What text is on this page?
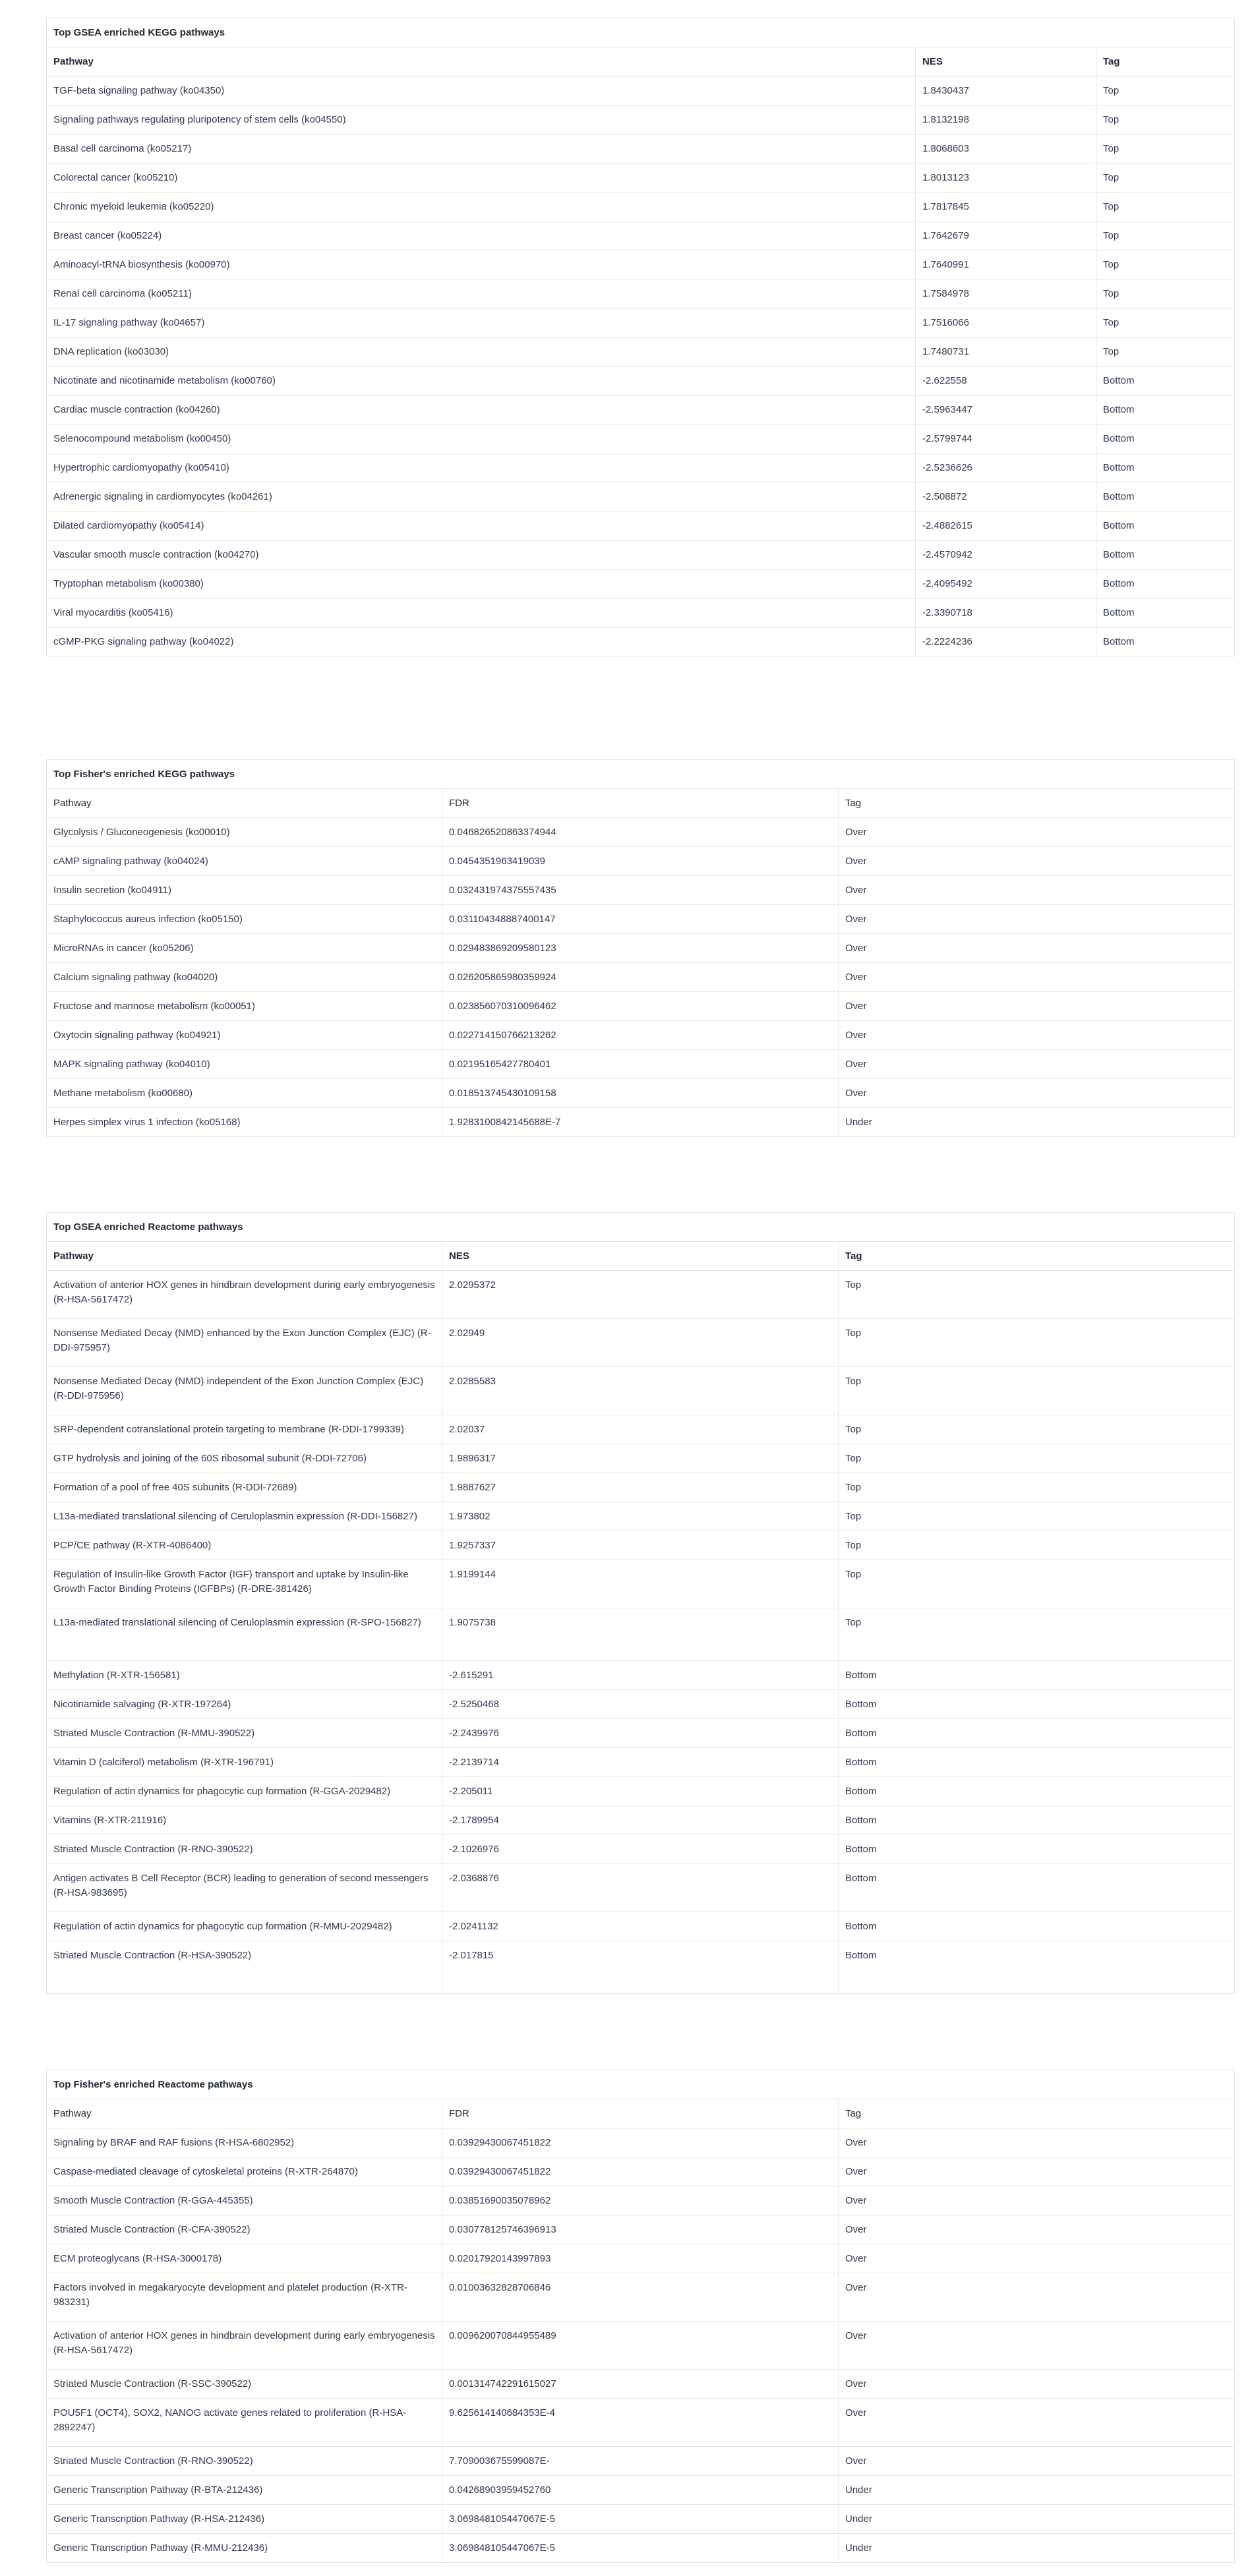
Top GSEA enriched KEGG pathways		
Pathway	NES	Tag
TGF-beta signaling pathway (ko04350)	1.8430437	Top
Signaling pathways regulating pluripotency of stem cells (ko04550)	1.8132198	Top
Basal cell carcinoma (ko05217)	1.8068603	Top
Colorectal cancer (ko05210)	1.8013123	Top
Chronic myeloid leukemia (ko05220)	1.7817845	Top
Breast cancer (ko05224)	1.7642679	Top
Aminoacyl-tRNA biosynthesis (ko00970)	1.7640991	Top
Renal cell carcinoma (ko05211)	1.7584978	Top
IL-17 signaling pathway (ko04657)	1.7516066	Top
DNA replication (ko03030)	1.7480731	Top
Nicotinate and nicotinamide metabolism (ko00760)	-2.622558	Bottom
Cardiac muscle contraction (ko04260)	-2.5963447	Bottom
Selenocompound metabolism (ko00450)	-2.5799744	Bottom
Hypertrophic cardiomyopathy (ko05410)	-2.5236626	Bottom
Adrenergic signaling in cardiomyocytes (ko04261)	-2.508872	Bottom
Dilated cardiomyopathy (ko05414)	-2.4882615	Bottom
Vascular smooth muscle contraction (ko04270)	-2.4570942	Bottom
Tryptophan metabolism (ko00380)	-2.4095492	Bottom
Viral myocarditis (ko05416)	-2.3390718	Bottom
cGMP-PKG signaling pathway (ko04022)	-2.2224236	Bottom
Top Fisher's enriched KEGG pathways		
Pathway	FDR	Tag
Glycolysis / Gluconeogenesis (ko00010)	0.046826520863374944	Over
cAMP signaling pathway (ko04024)	0.0454351963419039	Over
Insulin secretion (ko04911)	0.032431974375557435	Over
Staphylococcus aureus infection (ko05150)	0.031104348887400147	Over
MicroRNAs in cancer (ko05206)	0.029483869209580123	Over
Calcium signaling pathway (ko04020)	0.026205865980359924	Over
Fructose and mannose metabolism (ko00051)	0.023856070310096462	Over
Oxytocin signaling pathway (ko04921)	0.022714150766213262	Over
MAPK signaling pathway (ko04010)	0.02195165427780401	Over
Methane metabolism (ko00680)	0.018513745430109158	Over
Herpes simplex virus 1 infection (ko05168)	1.9283100842145688E-7	Under
Top GSEA enriched Reactome pathways		
Pathway	NES	Tag
Activation of anterior HOX genes in hindbrain development during early embryogenesis (R-HSA-5617472)	2.0295372	Top
Nonsense Mediated Decay (NMD) enhanced by the Exon Junction Complex (EJC) (R-DDI-975957)	2.02949	Top
Nonsense Mediated Decay (NMD) independent of the Exon Junction Complex (EJC) (R-DDI-975956)	2.0285583	Top
SRP-dependent cotranslational protein targeting to membrane (R-DDI-1799339)	2.02037	Top
GTP hydrolysis and joining of the 60S ribosomal subunit (R-DDI-72706)	1.9896317	Top
Formation of a pool of free 40S subunits (R-DDI-72689)	1.9887627	Top
L13a-mediated translational silencing of Ceruloplasmin expression (R-DDI-156827)	1.973802	Top
PCP/CE pathway (R-XTR-4086400)	1.9257337	Top
Regulation of Insulin-like Growth Factor (IGF) transport and uptake by Insulin-like Growth Factor Binding Proteins (IGFBPs) (R-DRE-381426)	1.9199144	Top
L13a-mediated translational silencing of Ceruloplasmin expression (R-SPO-156827)	1.9075738	Top
Methylation (R-XTR-156581)	-2.615291	Bottom
Nicotinamide salvaging (R-XTR-197264)	-2.5250468	Bottom
Striated Muscle Contraction (R-MMU-390522)	-2.2439976	Bottom
Vitamin D (calciferol) metabolism (R-XTR-196791)	-2.2139714	Bottom
Regulation of actin dynamics for phagocytic cup formation (R-GGA-2029482)	-2.205011	Bottom
Vitamins (R-XTR-211916)	-2.1789954	Bottom
Striated Muscle Contraction (R-RNO-390522)	-2.1026976	Bottom
Antigen activates B Cell Receptor (BCR) leading to generation of second messengers (R-HSA-983695)	-2.0368876	Bottom
Regulation of actin dynamics for phagocytic cup formation (R-MMU-2029482)	-2.0241132	Bottom
Striated Muscle Contraction (R-HSA-390522)	-2.017815	Bottom
Top Fisher's enriched Reactome pathways		
Pathway	FDR	Tag
Signaling by BRAF and RAF fusions (R-HSA-6802952)	0.03929430067451822	Over
Caspase-mediated cleavage of cytoskeletal proteins (R-XTR-264870)	0.03929430067451822	Over
Smooth Muscle Contraction (R-GGA-445355)	0.03851690035078962	Over
Striated Muscle Contraction (R-CFA-390522)	0.030778125746396913	Over
ECM proteoglycans (R-HSA-3000178)	0.02017920143997893	Over
Factors involved in megakaryocyte development and platelet production (R-XTR-983231)	0.01003632828706846	Over
Activation of anterior HOX genes in hindbrain development during early embryogenesis (R-HSA-5617472)	0.009620070844955489	Over
Striated Muscle Contraction (R-SSC-390522)	0.001314742291615027	Over
POU5F1 (OCT4), SOX2, NANOG activate genes related to proliferation (R-HSA-2892247)	9.625614140684353E-4	Over
Striated Muscle Contraction (R-RNO-390522)	7.709003675599087E-	Over
Generic Transcription Pathway (R-BTA-212436)	0.04268903959452760	Under
Generic Transcription Pathway (R-HSA-212436)	3.069848105447067E-5	Under
Generic Transcription Pathway (R-MMU-212436)	3.069848105447067E-5	Under
